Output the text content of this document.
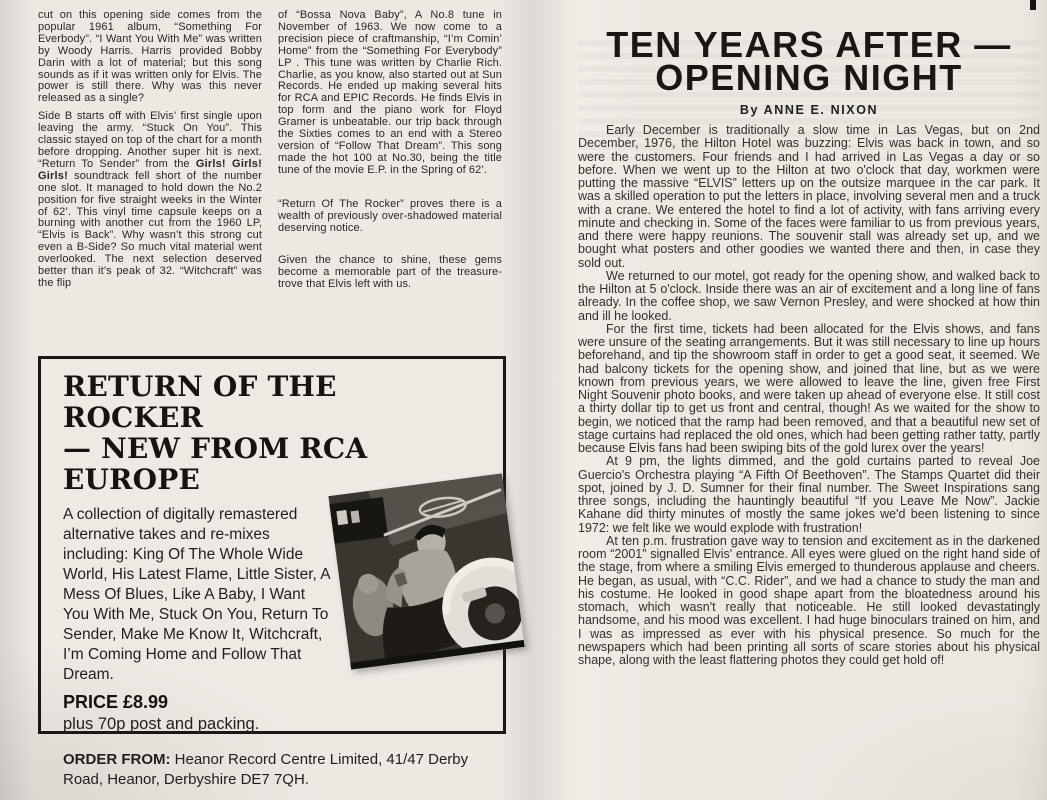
cut on this opening side comes from the popular 1961 album, “Something For Everbody”. “I Want You With Me” was written by Woody Harris. Harris provided Bobby Darin with a lot of material; but this song sounds as if it was written only for Elvis. The power is still there. Why was this never released as a single?

Side B starts off with Elvis’ first single upon leaving the army. “Stuck On You”. This classic stayed on top of the chart for a month before dropping. Another super hit is next. “Return To Sender” from the Girls! Girls! Girls! soundtrack fell short of the number one slot. It managed to hold down the No.2 position for five straight weeks in the Winter of 62’. This vinyl time capsule keeps on a burning with another cut from the 1960 LP, “Elvis is Back”. Why wasn’t this strong cut even a B-Side? So much vital material went overlooked. The next selection deserved better than it’s peak of 32. “Witchcraft” was the flip

of “Bossa Nova Baby”, A No.8 tune in November of 1963. We now come to a precision piece of craftmanship, “I’m Comin’ Home” from the “Something For Everybody” LP . This tune was written by Charlie Rich. Charlie, as you know, also started out at Sun Records. He ended up making several hits for RCA and EPIC Records. He finds Elvis in top form and the piano work for Floyd Gramer is unbeatable. our trip back through the Sixties comes to an end with a Stereo version of “Follow That Dream”. This song made the hot 100 at No.30, being the title tune of the movie E.P. in the Spring of 62’.

“Return Of The Rocker” proves there is a wealth of previously over-shadowed material deserving notice.

Given the chance to shine, these gems become a memorable part of the treasure-trove that Elvis left with us.

RETURN OF THE ROCKER
— NEW FROM RCA EUROPE

A collection of digitally remastered alternative takes and re-mixes including: King Of The Whole Wide World, His Latest Flame, Little Sister, A Mess Of Blues, Like A Baby, I Want You With Me, Stuck On You, Return To Sender, Make Me Know It, Witchcraft, I’m Coming Home and Follow That Dream.

PRICE £8.99

plus 70p post and packing.

ORDER FROM: Heanor Record Centre Limited, 41/47 Derby Road, Heanor, Derbyshire DE7 7QH.

TEN YEARS AFTER —
OPENING NIGHT
By ANNE E. NIXON

Early December is traditionally a slow time in Las Vegas, but on 2nd December, 1976, the Hilton Hotel was buzzing: Elvis was back in town, and so were the customers. Four friends and I had arrived in Las Vegas a day or so before. When we went up to the Hilton at two o'clock that day, workmen were putting the massive “ELVIS” letters up on the outsize marquee in the car park. It was a skilled operation to put the letters in place, involving several men and a truck with a crane. We entered the hotel to find a lot of activity, with fans arriving every minute and checking in. Some of the faces were familiar to us from previous years, and there were happy reunions. The souvenir stall was already set up, and we bought what posters and other goodies we wanted there and then, in case they sold out.

We returned to our motel, got ready for the opening show, and walked back to the Hilton at 5 o'clock. Inside there was an air of excitement and a long line of fans already. In the coffee shop, we saw Vernon Presley, and were shocked at how thin and ill he looked.

For the first time, tickets had been allocated for the Elvis shows, and fans were unsure of the seating arrangements. But it was still necessary to line up hours beforehand, and tip the showroom staff in order to get a good seat, it seemed. We had balcony tickets for the opening show, and joined that line, but as we were known from previous years, we were allowed to leave the line, given free First Night Souvenir photo books, and were taken up ahead of everyone else. It still cost a thirty dollar tip to get us front and central, though! As we waited for the show to begin, we noticed that the ramp had been removed, and that a beautiful new set of stage curtains had replaced the old ones, which had been getting rather tatty, partly because Elvis fans had been swiping bits of the gold lurex over the years!

At 9 pm, the lights dimmed, and the gold curtains parted to reveal Joe Guercio's Orchestra playing “A Fifth Of Beethoven”. The Stamps Quartet did their spot, joined by J. D. Sumner for their final number. The Sweet Inspirations sang three songs, including the hauntingly beautiful “If you Leave Me Now”. Jackie Kahane did thirty minutes of mostly the same jokes we'd been listening to since 1972: we felt like we would explode with frustration!

At ten p.m. frustration gave way to tension and excitement as in the darkened room “2001” signalled Elvis' entrance. All eyes were glued on the right hand side of the stage, from where a smiling Elvis emerged to thunderous applause and cheers. He began, as usual, with “C.C. Rider”, and we had a chance to study the man and his costume. He looked in good shape apart from the bloatedness around his stomach, which wasn't really that noticeable. He still looked devastatingly handsome, and his mood was excellent. I had huge binoculars trained on him, and I was as impressed as ever with his physical presence. So much for the newspapers which had been printing all sorts of scare stories about his physical shape, along with the least flattering photos they could get hold of!
